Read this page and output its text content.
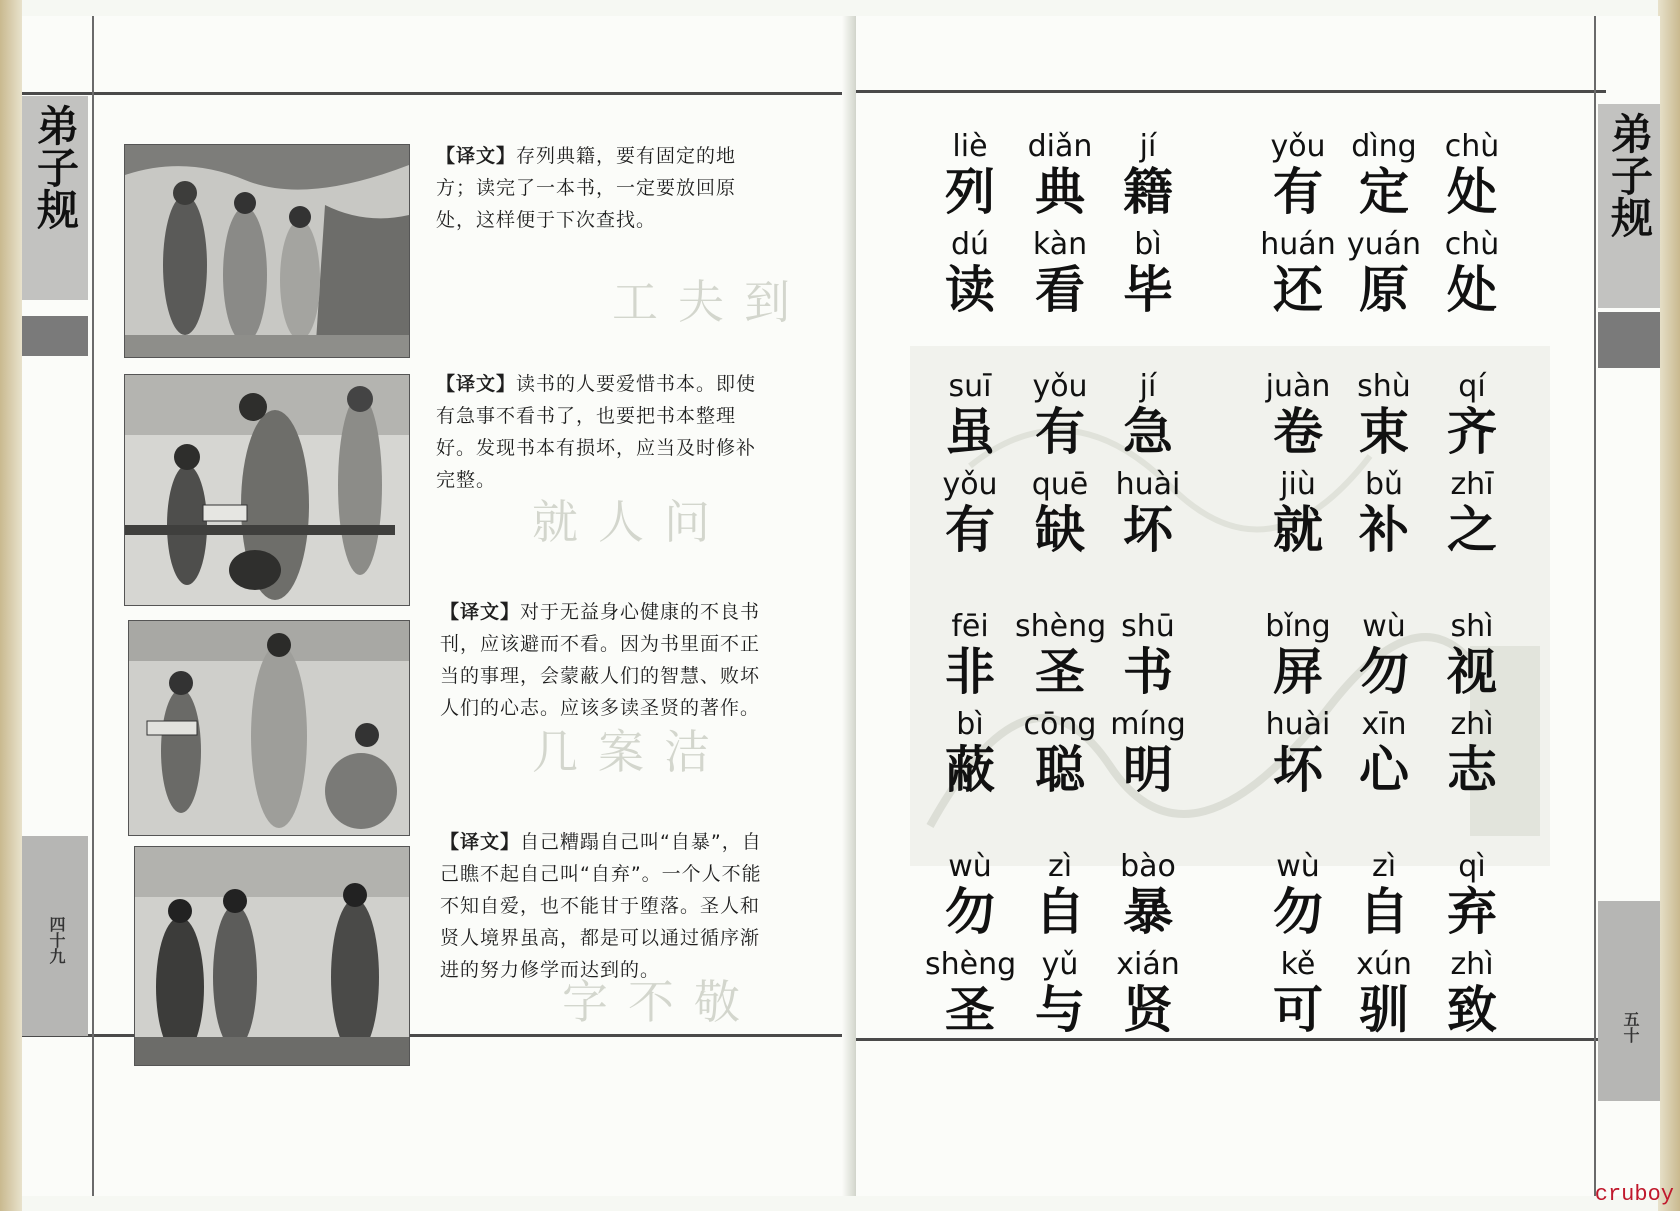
弟子规
四十九
工夫到
就人问
几案洁
字不敬
【译文】存列典籍，要有固定的地方；读完了一本书，一定要放回原处，这样便于下次查找。
【译文】读书的人要爱惜书本。即使有急事不看书了，也要把书本整理好。发现书本有损坏，应当及时修补完整。
【译文】对于无益身心健康的不良书刊，应该避而不看。因为书里面不正当的事理，会蒙蔽人们的智慧、败坏人们的心志。应该多读圣贤的著作。
【译文】自己糟蹋自己叫“自暴”，自己瞧不起自己叫“自弃”。一个人不能不知自爱，也不能甘于堕落。圣人和贤人境界虽高，都是可以通过循序渐进的努力修学而达到的。
弟子规
五十
liè
列
diǎn
典
jí
籍
yǒu
有
dìng
定
chù
处
dú
读
kàn
看
bì
毕
huán
还
yuán
原
chù
处
suī
虽
yǒu
有
jí
急
juàn
卷
shù
束
qí
齐
yǒu
有
quē
缺
huài
坏
jiù
就
bǔ
补
zhī
之
fēi
非
shèng
圣
shū
书
bǐng
屏
wù
勿
shì
视
bì
蔽
cōng
聪
míng
明
huài
坏
xīn
心
zhì
志
wù
勿
zì
自
bào
暴
wù
勿
zì
自
qì
弃
shèng
圣
yǔ
与
xián
贤
kě
可
xún
驯
zhì
致
cruboy
